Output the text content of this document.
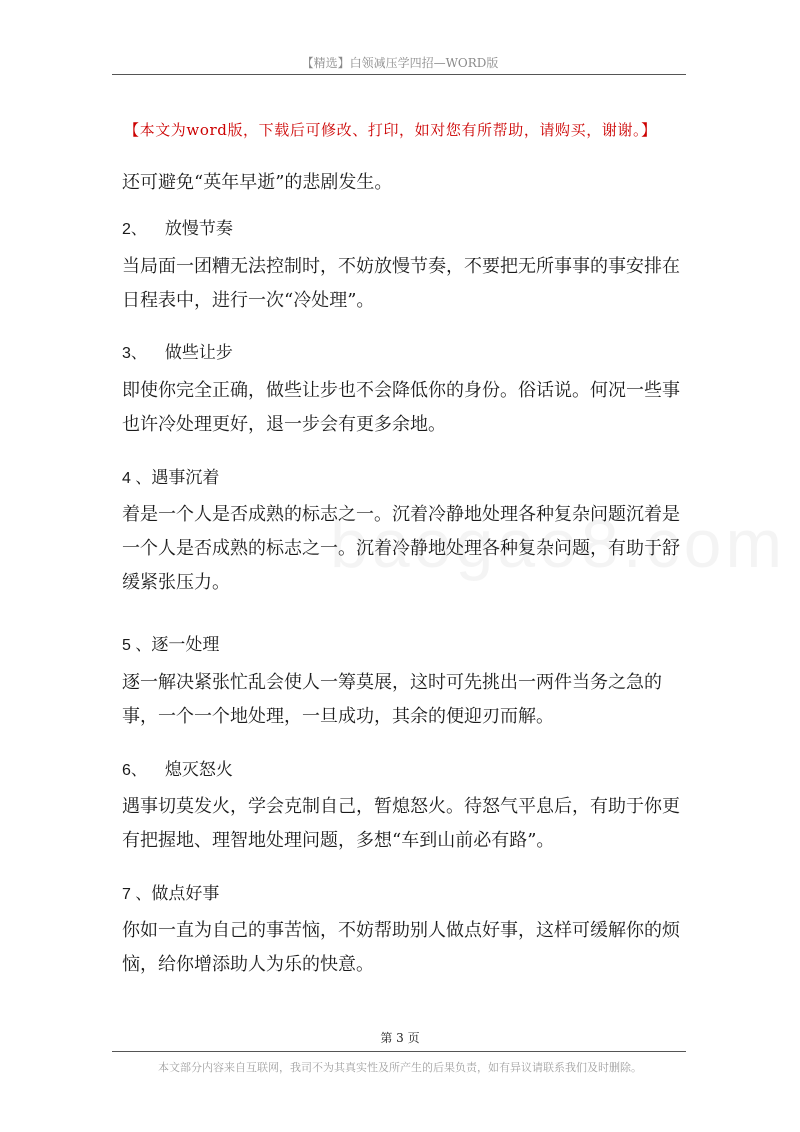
【精选】白领减压学四招—WORD版
【本文为word版，下载后可修改、打印，如对您有所帮助，请购买，谢谢。】
还可避免“英年早逝”的悲剧发生。
2、 放慢节奏
当局面一团糟无法控制时，不妨放慢节奏，不要把无所事事的事安排在日程表中，进行一次“冷处理”。
3、 做些让步
即使你完全正确，做些让步也不会降低你的身份。俗话说。何况一些事也许冷处理更好，退一步会有更多余地。
4 、遇事沉着
着是一个人是否成熟的标志之一。沉着冷静地处理各种复杂问题沉着是一个人是否成熟的标志之一。沉着冷静地处理各种复杂问题，有助于舒缓紧张压力。
5 、逐一处理
逐一解决紧张忙乱会使人一筹莫展，这时可先挑出一两件当务之急的事，一个一个地处理，一旦成功，其余的便迎刃而解。
6、 熄灭怒火
遇事切莫发火，学会克制自己，暂熄怒火。待怒气平息后，有助于你更有把握地、理智地处理问题，多想“车到山前必有路”。
7 、做点好事
你如一直为自己的事苦恼，不妨帮助别人做点好事，这样可缓解你的烦恼，给你增添助人为乐的快意。
第 3 页
本文部分内容来自互联网，我司不为其真实性及所产生的后果负责，如有异议请联系我们及时删除。
